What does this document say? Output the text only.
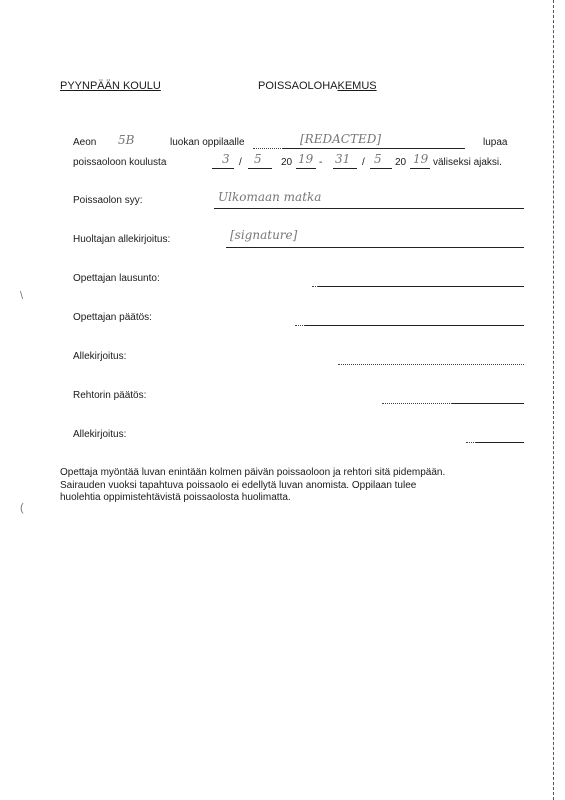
\
(
PYYNPÄÄN KOULU	POISSAOLOHAKEMUS
Aeon 5B	luokan oppilaalle	[REDACTED]	lupaa
poissaoloon koulusta	3 / 5 20 19 - 31 / 5 20 19 väliseksi ajaksi.
Poissaolon syy:	Ulkomaan matka
Huoltajan allekirjoitus:	[signature]
Opettajan lausunto:
Opettajan päätös:
Allekirjoitus:
Rehtorin päätös:
Allekirjoitus:
Opettaja myöntää luvan enintään kolmen päivän poissaoloon ja rehtori sitä pidempään.
Sairauden vuoksi tapahtuva poissaolo ei edellytä luvan anomista. Oppilaan tulee
huolehtia oppimistehtävistä poissaolosta huolimatta.
